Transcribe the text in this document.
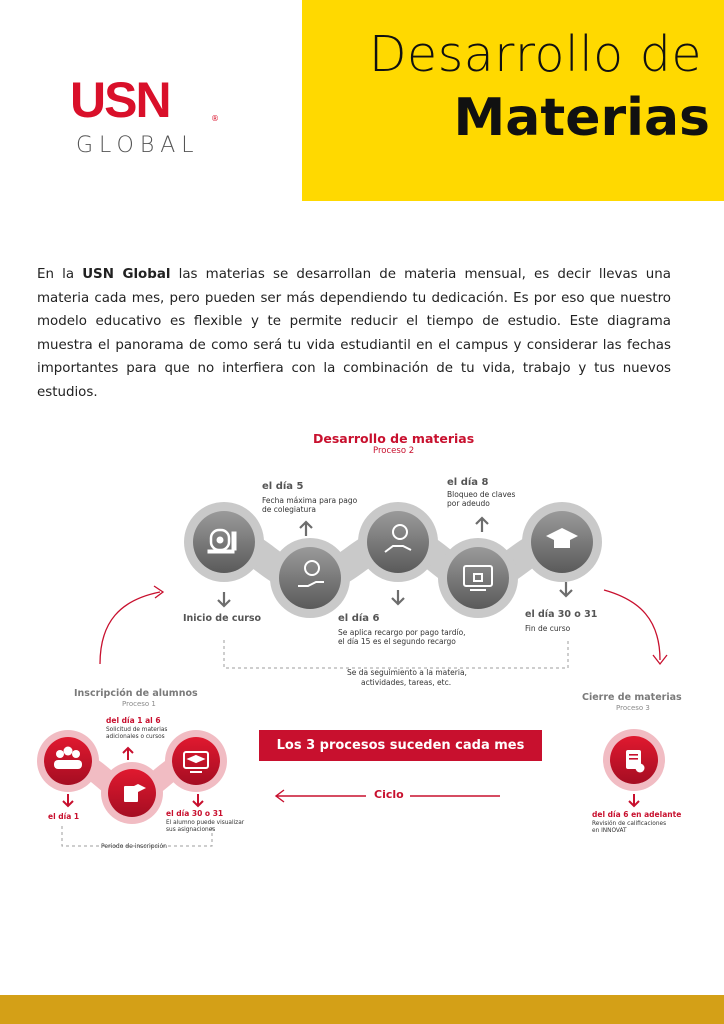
Desarrollo de
Materias
USN	®
GLOBAL
En la USN Global las materias se desarrollan de materia mensual, es decir llevas una materia cada mes, pero pueden ser más dependiendo tu dedicación. Es por eso que nuestro modelo educativo es flexible y te permite reducir el tiempo de estudio. Este diagrama muestra el panorama de como será tu vida estudiantil en el campus y considerar las fechas importantes para que no interfiera con la combinación de tu vida, trabajo y tus nuevos estudios.
Desarrollo de materias
Proceso 2
el día 5
Fecha máxima para pago
de colegiatura
el día 8
Bloqueo de claves
por adeudo
Inicio de curso	el día 6
Se aplica recargo por pago tardío,
el día 15 es el segundo recargo
el día 30 o 31
Fin de curso
Se da seguimiento a la materia,
actividades, tareas, etc.
Inscripción de alumnos
Proceso 1
del día 1 al 6
Solicitud de materias
adicionales o cursos
el día 1	el día 30 o 31
El alumno puede visualizar
sus asignaciones
Periodo de inscripción
Cierre de materias
Proceso 3
del día 6 en adelante
Revisión de calificaciones
en INNOVAT
Los 3 procesos suceden cada mes
Ciclo
